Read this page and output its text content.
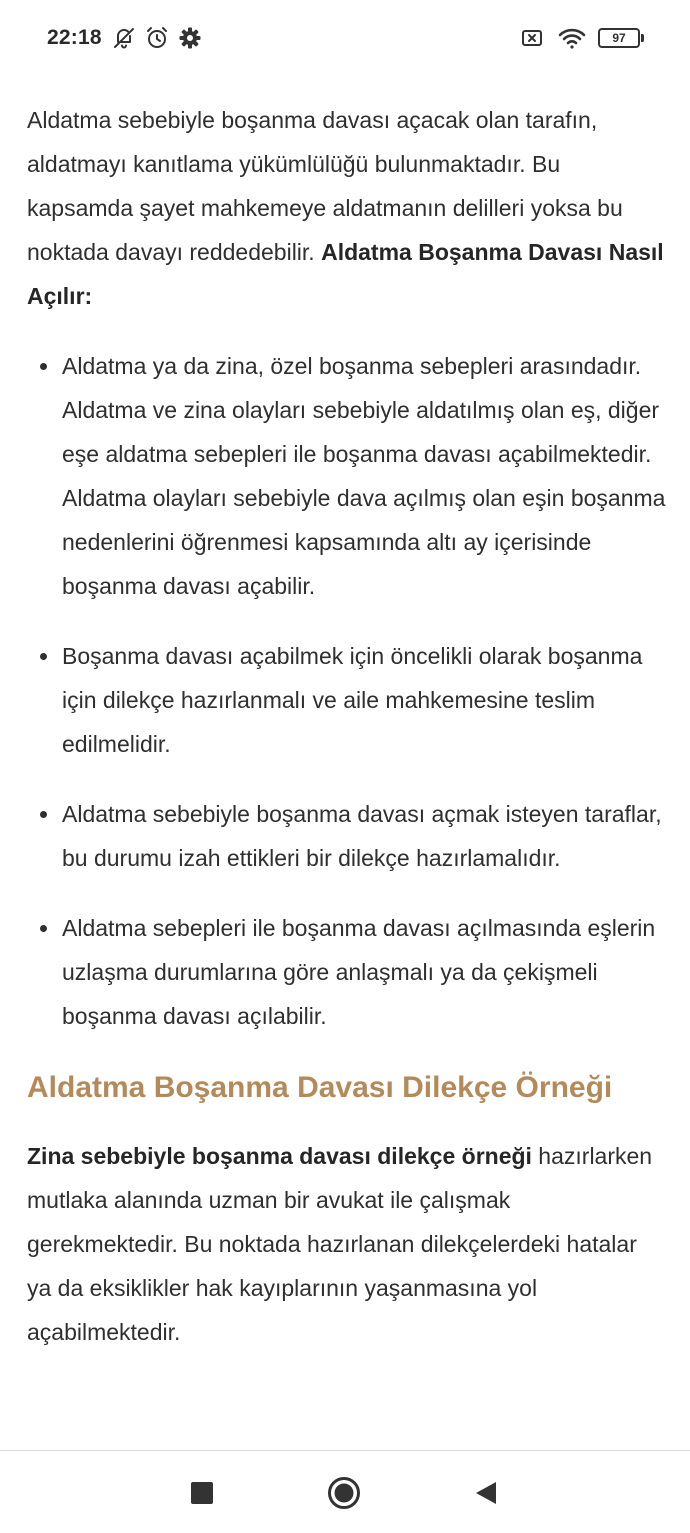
22:18	97

Aldatma sebebiyle boşanma davası açacak olan tarafın, aldatmayı kanıtlama yükümlülüğü bulunmaktadır. Bu kapsamda şayet mahkemeye aldatmanın delilleri yoksa bu noktada davayı reddedebilir. Aldatma Boşanma Davası Nasıl Açılır:

Aldatma ya da zina, özel boşanma sebepleri arasındadır. Aldatma ve zina olayları sebebiyle aldatılmış olan eş, diğer eşe aldatma sebepleri ile boşanma davası açabilmektedir. Aldatma olayları sebebiyle dava açılmış olan eşin boşanma nedenlerini öğrenmesi kapsamında altı ay içerisinde boşanma davası açabilir.
Boşanma davası açabilmek için öncelikli olarak boşanma için dilekçe hazırlanmalı ve aile mahkemesine teslim edilmelidir.
Aldatma sebebiyle boşanma davası açmak isteyen taraflar, bu durumu izah ettikleri bir dilekçe hazırlamalıdır.
Aldatma sebepleri ile boşanma davası açılmasında eşlerin uzlaşma durumlarına göre anlaşmalı ya da çekişmeli boşanma davası açılabilir.
Aldatma Boşanma Davası Dilekçe Örneği

Zina sebebiyle boşanma davası dilekçe örneği hazırlarken mutlaka alanında uzman bir avukat ile çalışmak gerekmektedir. Bu noktada hazırlanan dilekçelerdeki hatalar ya da eksiklikler hak kayıplarının yaşanmasına yol açabilmektedir.
